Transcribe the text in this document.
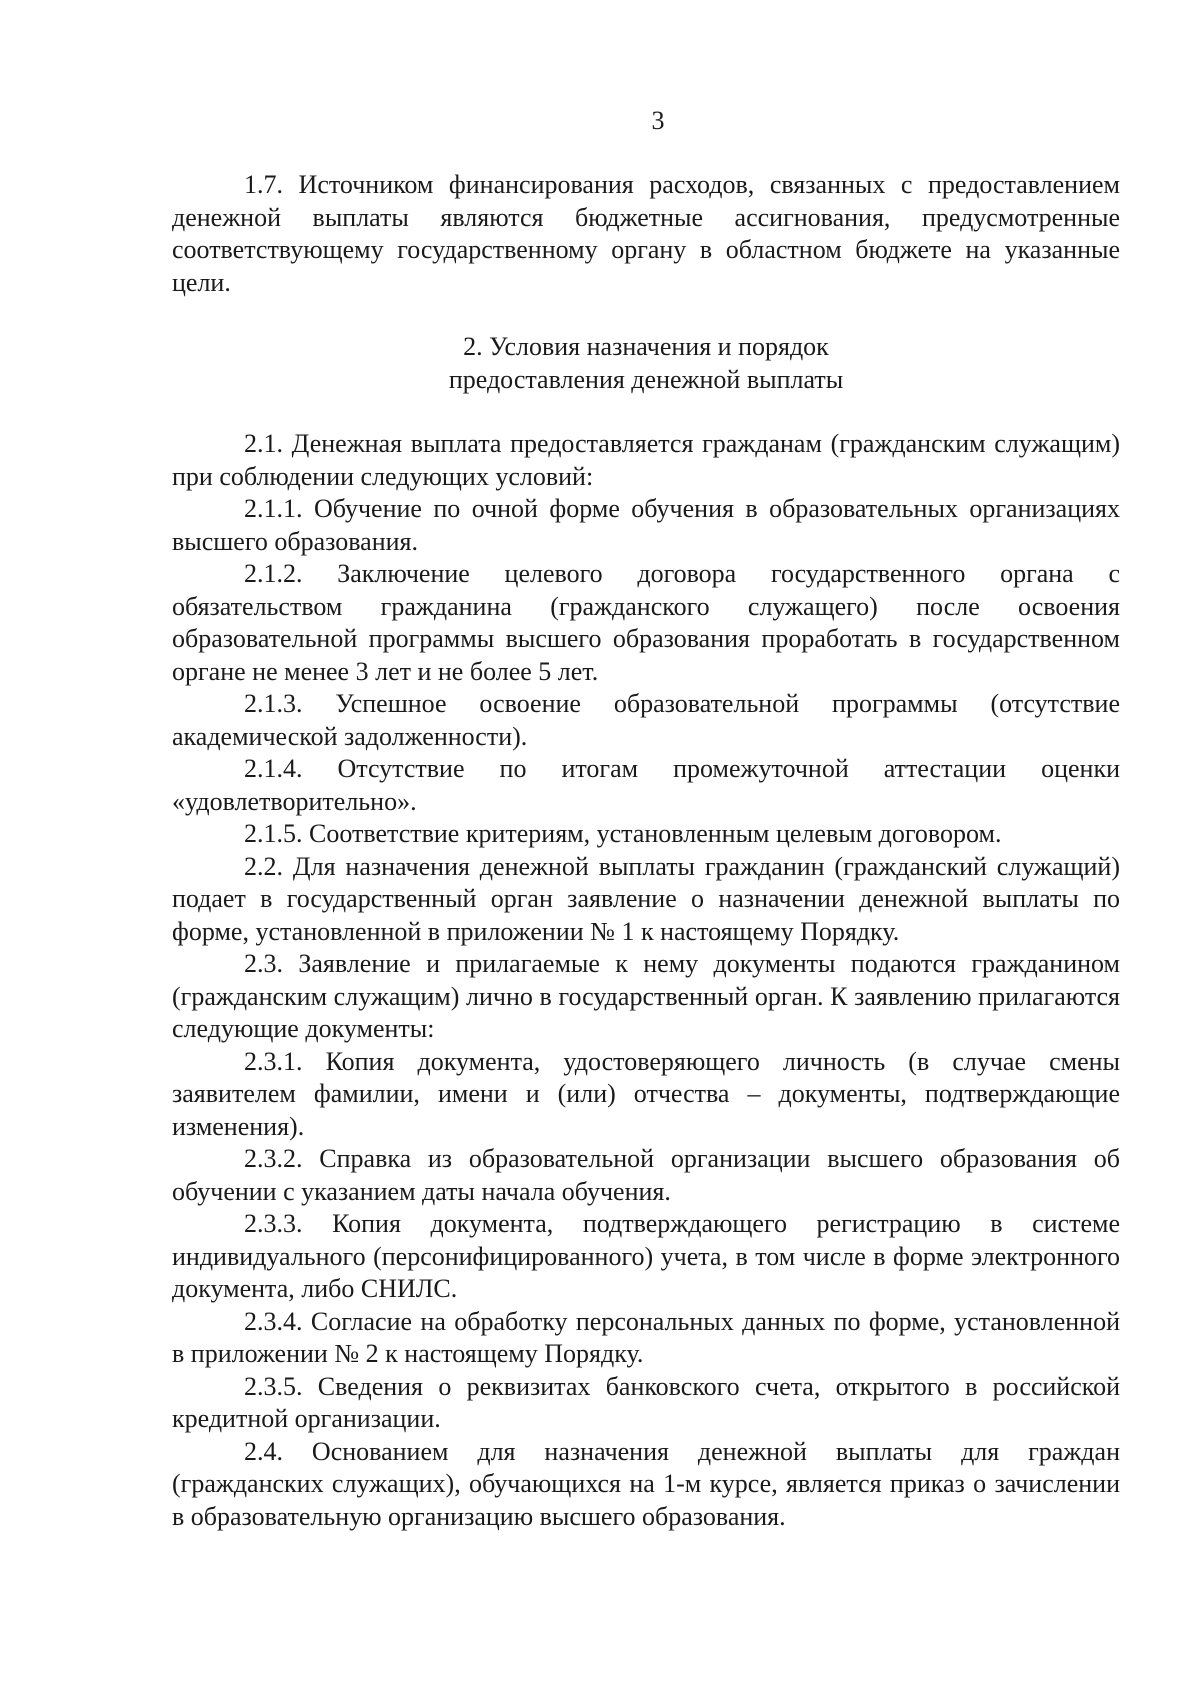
3

1.7. Источником финансирования расходов, связанных с предоставлением денежной выплаты являются бюджетные ассигнования, предусмотренные соответствующему государственному органу в областном бюджете на указанные цели.

2. Условия назначения и порядок
предоставления денежной выплаты

2.1. Денежная выплата предоставляется гражданам (гражданским служащим) при соблюдении следующих условий:

2.1.1. Обучение по очной форме обучения в образовательных организациях высшего образования.

2.1.2. Заключение целевого договора государственного органа с обязательством гражданина (гражданского служащего) после освоения образовательной программы высшего образования проработать в государственном органе не менее 3 лет и не более 5 лет.

2.1.3. Успешное освоение образовательной программы (отсутствие академической задолженности).

2.1.4. Отсутствие по итогам промежуточной аттестации оценки «удовлетворительно».

2.1.5. Соответствие критериям, установленным целевым договором.

2.2. Для назначения денежной выплаты гражданин (гражданский служащий) подает в государственный орган заявление о назначении денежной выплаты по форме, установленной в приложении № 1 к настоящему Порядку.

2.3. Заявление и прилагаемые к нему документы подаются гражданином (гражданским служащим) лично в государственный орган. К заявлению прилагаются следующие документы:

2.3.1. Копия документа, удостоверяющего личность (в случае смены заявителем фамилии, имени и (или) отчества – документы, подтверждающие изменения).

2.3.2. Справка из образовательной организации высшего образования об обучении с указанием даты начала обучения.

2.3.3. Копия документа, подтверждающего регистрацию в системе индивидуального (персонифицированного) учета, в том числе в форме электронного документа, либо СНИЛС.

2.3.4. Согласие на обработку персональных данных по форме, установленной в приложении № 2 к настоящему Порядку.

2.3.5. Сведения о реквизитах банковского счета, открытого в российской кредитной организации.

2.4. Основанием для назначения денежной выплаты для граждан (гражданских служащих), обучающихся на 1-м курсе, является приказ о зачислении в образовательную организацию высшего образования.
